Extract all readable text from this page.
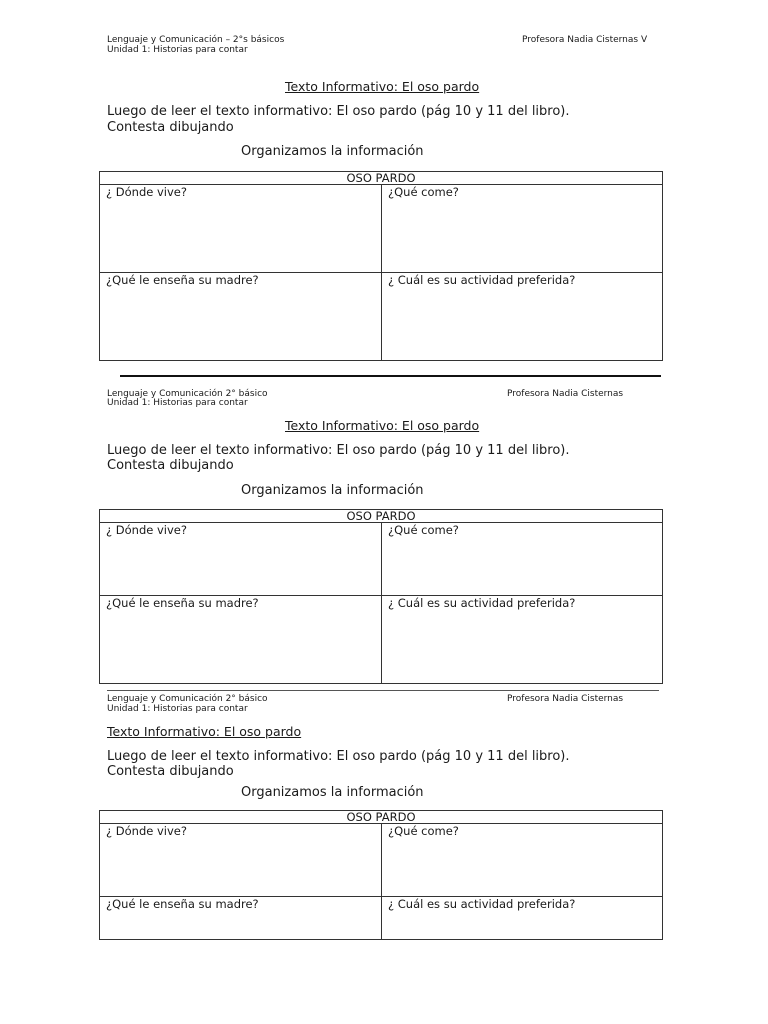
Lenguaje y Comunicación – 2°s básicos
Unidad 1: Historias para contar
Profesora Nadia Cisternas V
Texto Informativo: El oso pardo
Luego de leer el texto informativo: El oso pardo (pág 10 y 11 del libro).
Contesta dibujando
Organizamos la información
OSO PARDO	
¿ Dónde vive?	¿Qué come?
¿Qué le enseña su madre?	¿ Cuál es su actividad preferida?
Lenguaje y Comunicación 2° básico
Unidad 1: Historias para contar
Profesora Nadia Cisternas
Texto Informativo: El oso pardo
Luego de leer el texto informativo: El oso pardo (pág 10 y 11 del libro).
Contesta dibujando
Organizamos la información
OSO PARDO	
¿ Dónde vive?	¿Qué come?
¿Qué le enseña su madre?	¿ Cuál es su actividad preferida?
Lenguaje y Comunicación 2° básico
Unidad 1: Historias para contar
Profesora Nadia Cisternas
Texto Informativo: El oso pardo
Luego de leer el texto informativo: El oso pardo (pág 10 y 11 del libro).
Contesta dibujando
Organizamos la información
OSO PARDO	
¿ Dónde vive?	¿Qué come?
¿Qué le enseña su madre?	¿ Cuál es su actividad preferida?
